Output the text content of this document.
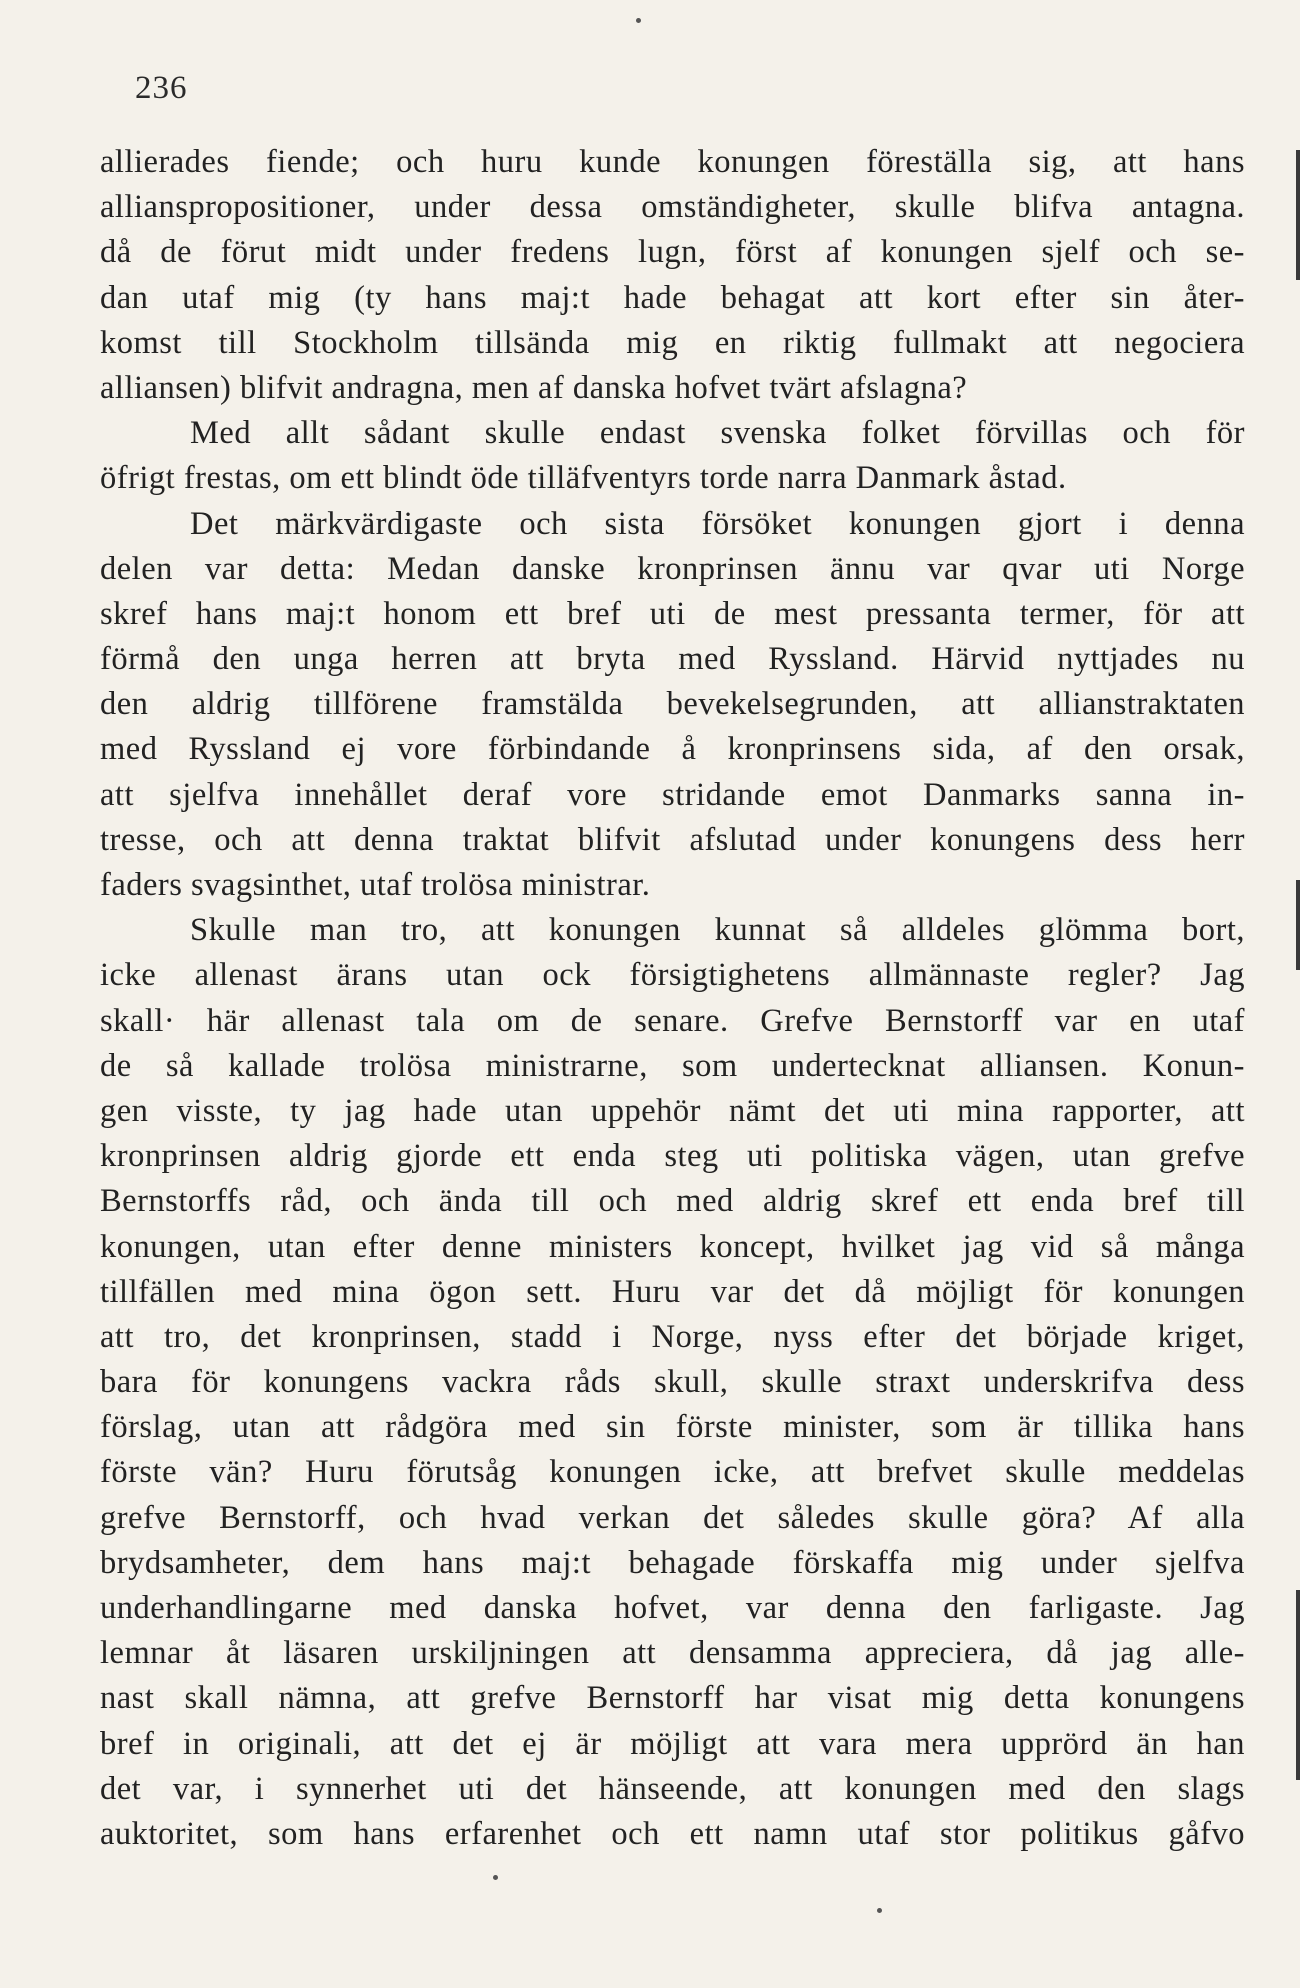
236
allierades fiende; och huru kunde konungen föreställa sig, att hans
allianspropositioner, under dessa omständigheter, skulle blifva antagna.
då de förut midt under fredens lugn, först af konungen sjelf och se-
dan utaf mig (ty hans maj:t hade behagat att kort efter sin åter-
komst till Stockholm tillsända mig en riktig fullmakt att negociera
alliansen) blifvit andragna, men af danska hofvet tvärt afslagna?
Med allt sådant skulle endast svenska folket förvillas och för
öfrigt frestas, om ett blindt öde tilläfventyrs torde narra Danmark åstad.
Det märkvärdigaste och sista försöket konungen gjort i denna
delen var detta: Medan danske kronprinsen ännu var qvar uti Norge
skref hans maj:t honom ett bref uti de mest pressanta termer, för att
förmå den unga herren att bryta med Ryssland. Härvid nyttjades nu
den aldrig tillförene framstälda bevekelsegrunden, att allianstraktaten
med Ryssland ej vore förbindande å kronprinsens sida, af den orsak,
att sjelfva innehållet deraf vore stridande emot Danmarks sanna in-
tresse, och att denna traktat blifvit afslutad under konungens dess herr
faders svagsinthet, utaf trolösa ministrar.
Skulle man tro, att konungen kunnat så alldeles glömma bort,
icke allenast ärans utan ock försigtighetens allmännaste regler? Jag
skall· här allenast tala om de senare. Grefve Bernstorff var en utaf
de så kallade trolösa ministrarne, som undertecknat alliansen. Konun-
gen visste, ty jag hade utan uppehör nämt det uti mina rapporter, att
kronprinsen aldrig gjorde ett enda steg uti politiska vägen, utan grefve
Bernstorffs råd, och ända till och med aldrig skref ett enda bref till
konungen, utan efter denne ministers koncept, hvilket jag vid så många
tillfällen med mina ögon sett. Huru var det då möjligt för konungen
att tro, det kronprinsen, stadd i Norge, nyss efter det började kriget,
bara för konungens vackra råds skull, skulle straxt underskrifva dess
förslag, utan att rådgöra med sin förste minister, som är tillika hans
förste vän? Huru förutsåg konungen icke, att brefvet skulle meddelas
grefve Bernstorff, och hvad verkan det således skulle göra? Af alla
brydsamheter, dem hans maj:t behagade förskaffa mig under sjelfva
underhandlingarne med danska hofvet, var denna den farligaste. Jag
lemnar åt läsaren urskiljningen att densamma appreciera, då jag alle-
nast skall nämna, att grefve Bernstorff har visat mig detta konungens
bref in originali, att det ej är möjligt att vara mera upprörd än han
det var, i synnerhet uti det hänseende, att konungen med den slags
auktoritet, som hans erfarenhet och ett namn utaf stor politikus gåfvo
